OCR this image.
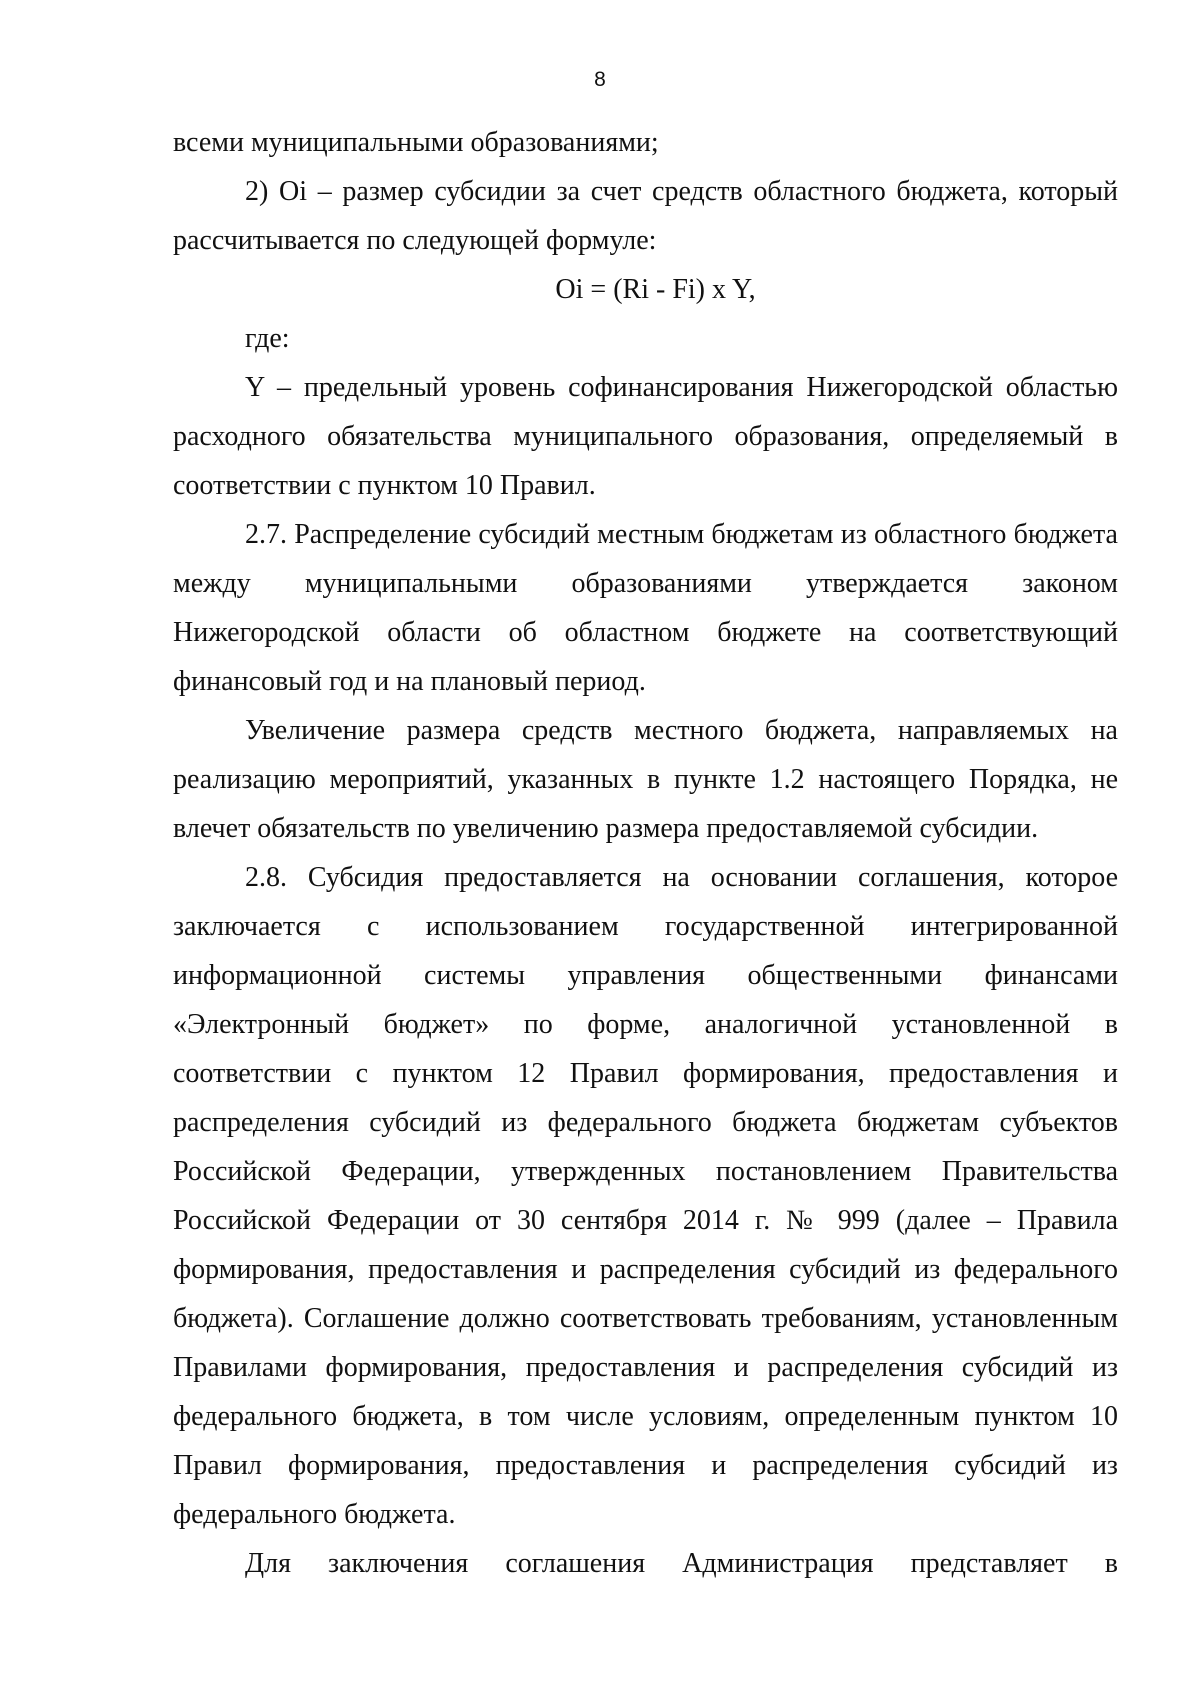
8

всеми муниципальными образованиями;

2) Oi – размер субсидии за счет средств областного бюджета, который рассчитывается по следующей формуле:

Oi = (Ri - Fi) x Y,

где:

Y – предельный уровень софинансирования Нижегородской областью расходного обязательства муниципального образования, определяемый в соответствии с пунктом 10 Правил.

2.7. Распределение субсидий местным бюджетам из областного бюджета между муниципальными образованиями утверждается законом Нижегородской области об областном бюджете на соответствующий финансовый год и на плановый период.

Увеличение размера средств местного бюджета, направляемых на реализацию мероприятий, указанных в пункте 1.2 настоящего Порядка, не влечет обязательств по увеличению размера предоставляемой субсидии.

2.8. Субсидия предоставляется на основании соглашения, которое заключается с использованием государственной интегрированной информационной системы управления общественными финансами «Электронный бюджет» по форме, аналогичной установленной в соответствии с пунктом 12 Правил формирования, предоставления и распределения субсидий из федерального бюджета бюджетам субъектов Российской Федерации, утвержденных постановлением Правительства Российской Федерации от 30 сентября 2014 г. № 999 (далее – Правила формирования, предоставления и распределения субсидий из федерального бюджета). Соглашение должно соответствовать требованиям, установленным Правилами формирования, предоставления и распределения субсидий из федерального бюджета, в том числе условиям, определенным пунктом 10 Правил формирования, предоставления и распределения субсидий из федерального бюджета.

Для заключения соглашения Администрация представляет в
